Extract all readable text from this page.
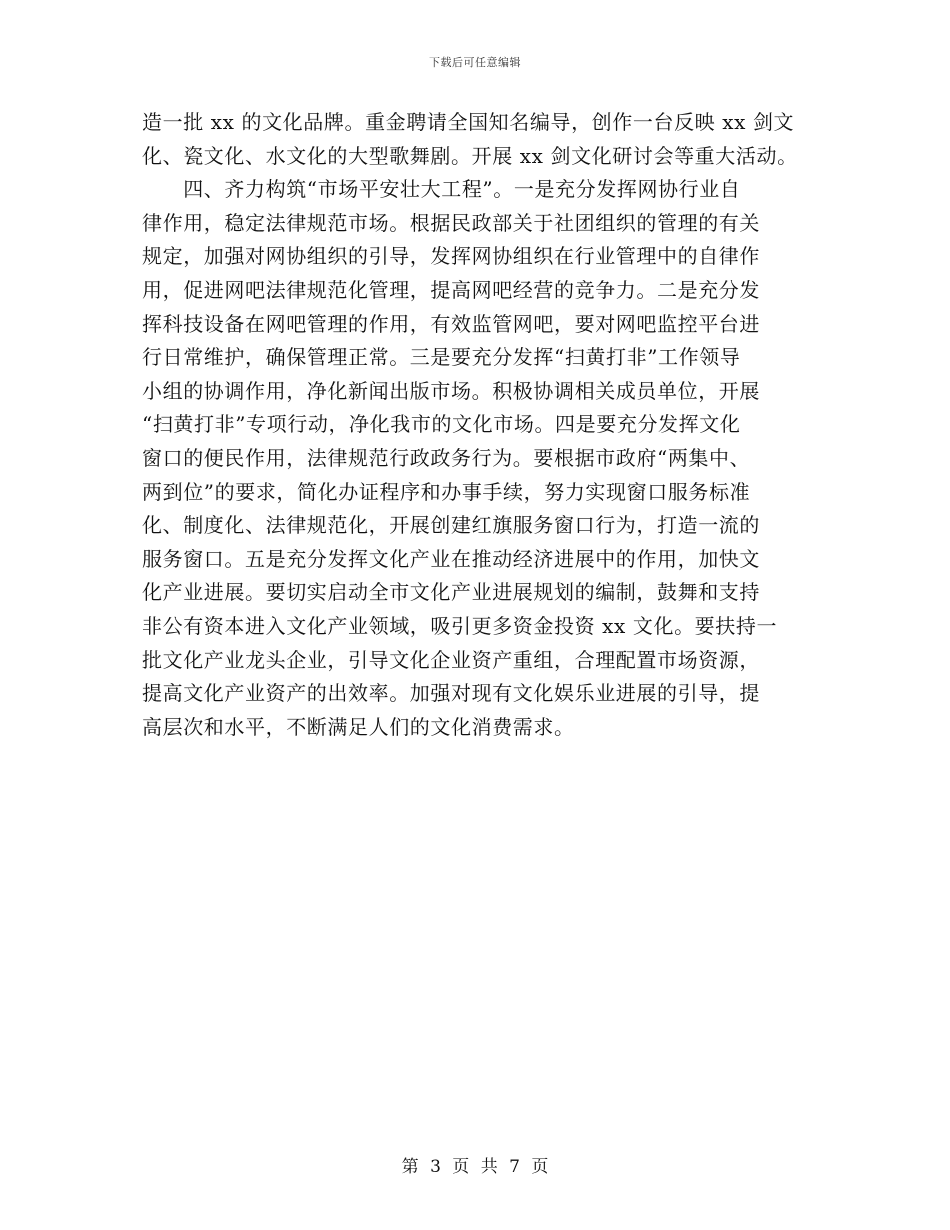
下载后可任意编辑
造一批 xx 的文化品牌。重金聘请全国知名编导，创作一台反映 xx 剑文
化、瓷文化、水文化的大型歌舞剧。开展 xx 剑文化研讨会等重大活动。
　　四、齐力构筑“市场平安壮大工程”。一是充分发挥网协行业自
律作用，稳定法律规范市场。根据民政部关于社团组织的管理的有关
规定，加强对网协组织的引导，发挥网协组织在行业管理中的自律作
用，促进网吧法律规范化管理，提高网吧经营的竞争力。二是充分发
挥科技设备在网吧管理的作用，有效监管网吧，要对网吧监控平台进
行日常维护，确保管理正常。三是要充分发挥“扫黄打非”工作领导
小组的协调作用，净化新闻出版市场。积极协调相关成员单位，开展
“扫黄打非”专项行动，净化我市的文化市场。四是要充分发挥文化
窗口的便民作用，法律规范行政政务行为。要根据市政府“两集中、
两到位”的要求，简化办证程序和办事手续，努力实现窗口服务标准
化、制度化、法律规范化，开展创建红旗服务窗口行为，打造一流的
服务窗口。五是充分发挥文化产业在推动经济进展中的作用，加快文
化产业进展。要切实启动全市文化产业进展规划的编制，鼓舞和支持
非公有资本进入文化产业领域，吸引更多资金投资 xx 文化。要扶持一
批文化产业龙头企业，引导文化企业资产重组，合理配置市场资源，
提高文化产业资产的出效率。加强对现有文化娱乐业进展的引导，提
高层次和水平，不断满足人们的文化消费需求。
第 3 页 共 7 页
